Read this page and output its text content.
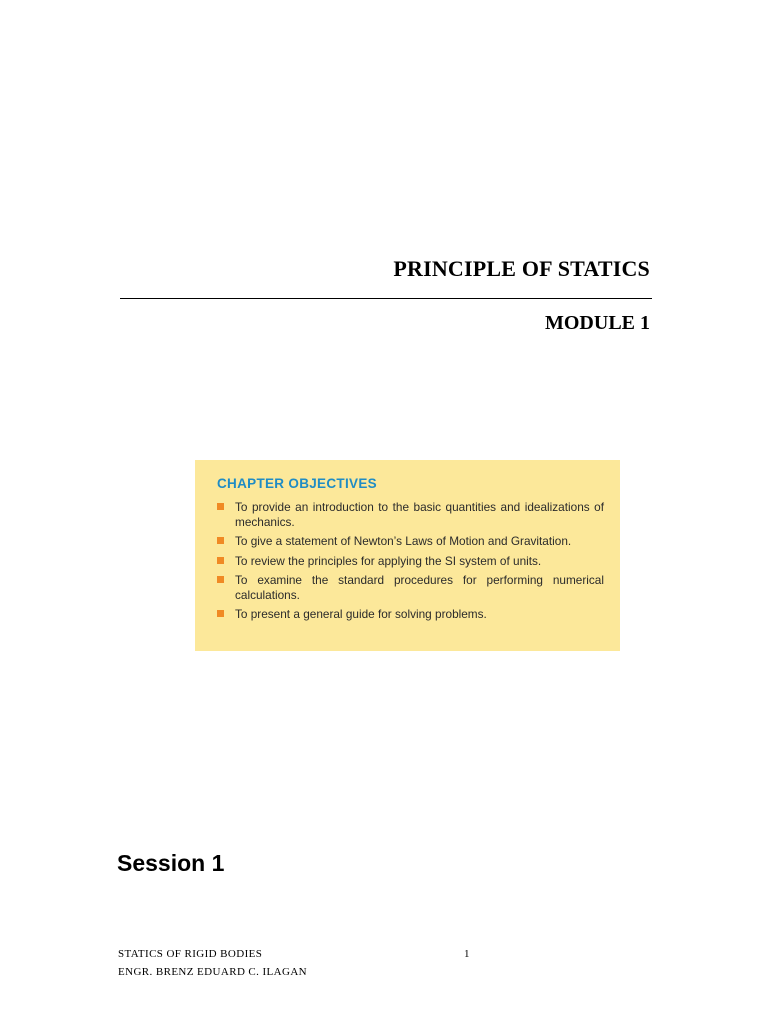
PRINCIPLE OF STATICS
MODULE 1
CHAPTER OBJECTIVES
To provide an introduction to the basic quantities and idealizations of mechanics.
To give a statement of Newton’s Laws of Motion and Gravitation.
To review the principles for applying the SI system of units.
To examine the standard procedures for performing numerical calculations.
To present a general guide for solving problems.
Session 1
STATICS OF RIGID BODIES
ENGR. BRENZ EDUARD C. ILAGAN
1
